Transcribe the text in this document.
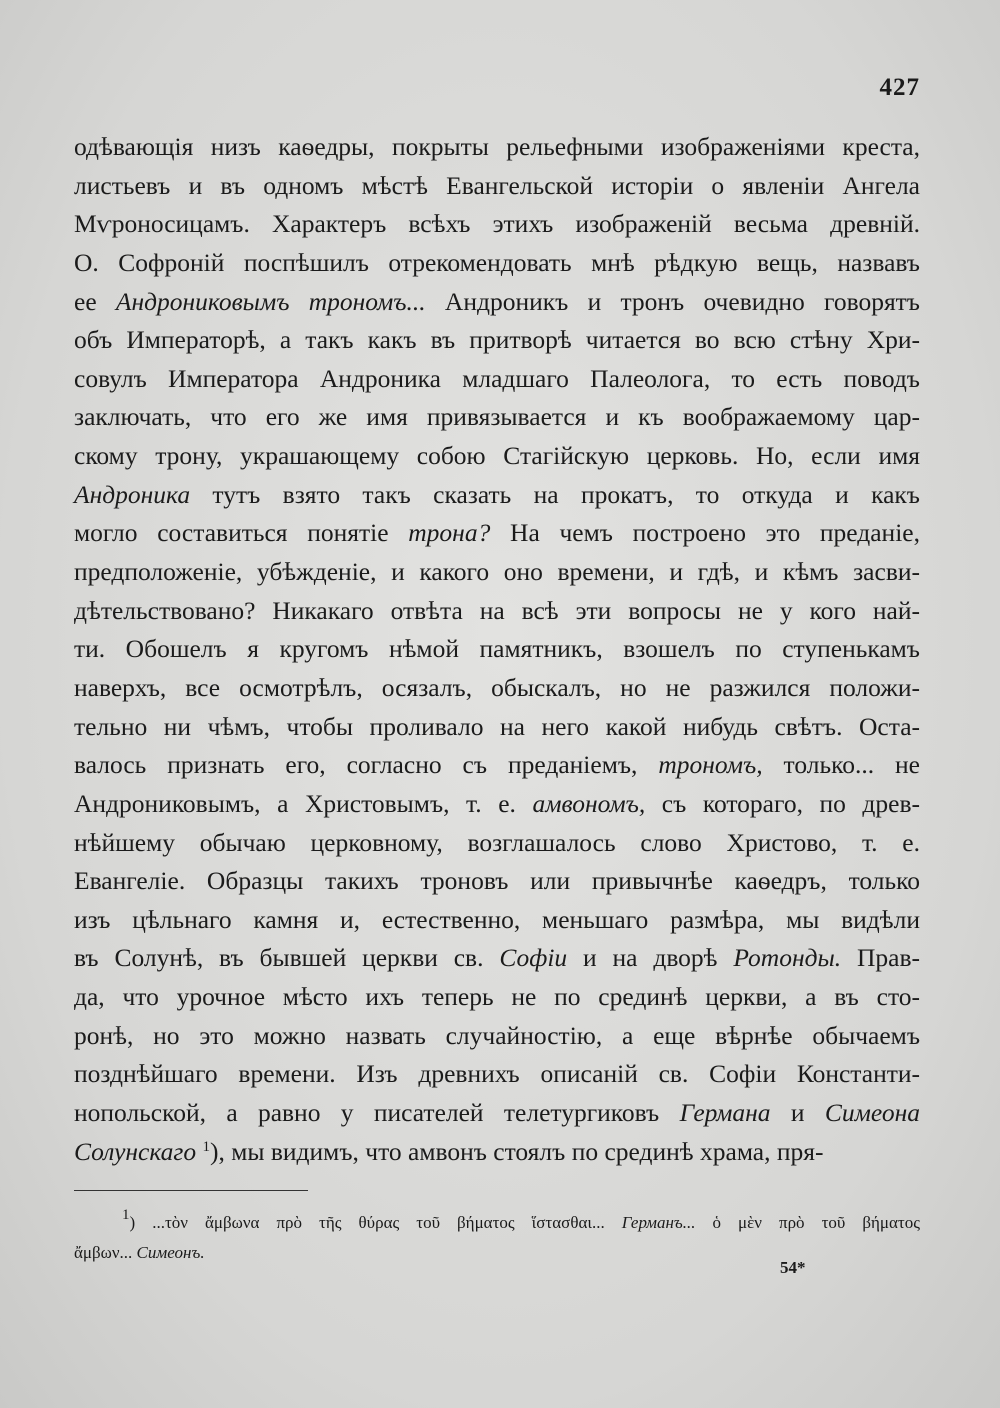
427
одѣвающія низъ каѳедры, покрыты рельефными изображеніями креста,
листьевъ и въ одномъ мѣстѣ Евангельской исторіи о явленіи Ангела
Мѵроносицамъ. Характеръ всѣхъ этихъ изображеній весьма древній.
О. Софроній поспѣшилъ отрекомендовать мнѣ рѣдкую вещь, назвавъ
ее Андрониковымъ трономъ... Андроникъ и тронъ очевидно говорятъ
объ Императорѣ, а такъ какъ въ притворѣ читается во всю стѣну Хри-
совулъ Императора Андроника младшаго Палеолога, то есть поводъ
заключать, что его же имя привязывается и къ воображаемому цар-
скому трону, украшающему собою Стагійскую церковь. Но, если имя
Андроника тутъ взято такъ сказать на прокатъ, то откуда и какъ
могло составиться понятіе трона? На чемъ построено это преданіе,
предположеніе, убѣжденіе, и какого оно времени, и гдѣ, и кѣмъ засви-
дѣтельствовано? Никакаго отвѣта на всѣ эти вопросы не у кого най-
ти. Обошелъ я кругомъ нѣмой памятникъ, взошелъ по ступенькамъ
наверхъ, все осмотрѣлъ, осязалъ, обыскалъ, но не разжился положи-
тельно ни чѣмъ, чтобы проливало на него какой нибудь свѣтъ. Оста-
валось признать его, согласно съ преданіемъ, трономъ, только... не
Андрониковымъ, а Христовымъ, т. е. амвономъ, съ котораго, по древ-
нѣйшему обычаю церковному, возглашалось слово Христово, т. е.
Евангеліе. Образцы такихъ троновъ или привычнѣе каѳедръ, только
изъ цѣльнаго камня и, естественно, меньшаго размѣра, мы видѣли
въ Солунѣ, въ бывшей церкви св. Софіи и на дворѣ Ротонды. Прав-
да, что урочное мѣсто ихъ теперь не по срединѣ церкви, а въ сто-
ронѣ, но это можно назвать случайностію, а еще вѣрнѣе обычаемъ
позднѣйшаго времени. Изъ древнихъ описаній св. Софіи Константи-
нопольской, а равно у писателей телетургиковъ Германа и Симеона
Солунскаго $^1$), мы видимъ, что амвонъ стоялъ по срединѣ храма, пря-
1) ...τὸν ἄμβωνα πρὸ τῆς θύρας τοῦ βήματος ἵστασθαι... Германъ... ὁ μὲν πρὸ τοῦ βήματος
ἄμβων... Симеонъ.
54*
